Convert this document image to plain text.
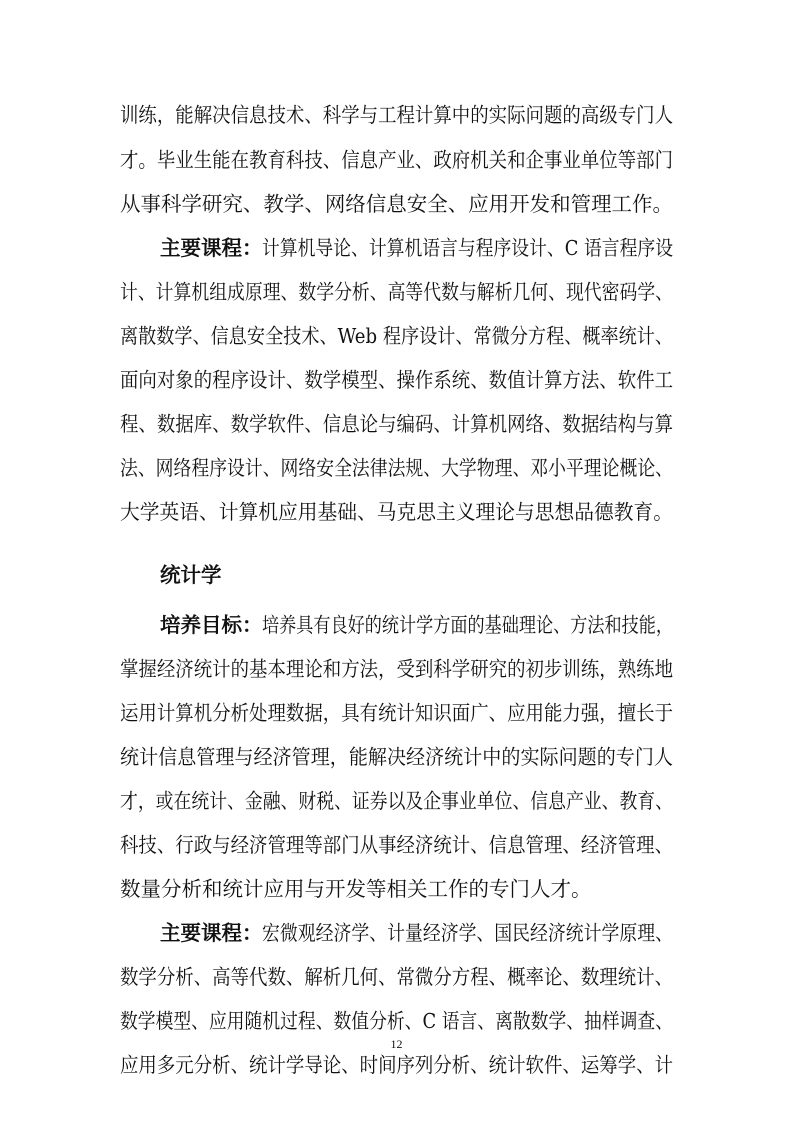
训练，能解决信息技术、科学与工程计算中的实际问题的高级专门人
才。毕业生能在教育科技、信息产业、政府机关和企事业单位等部门
从事科学研究、教学、网络信息安全、应用开发和管理工作。
主要课程： 计算机导论、计算机语言与程序设计、C 语言程序设
计、计算机组成原理、数学分析、高等代数与解析几何、现代密码学、
离散数学、信息安全技术、Web 程序设计、常微分方程、概率统计、
面向对象的程序设计、数学模型、操作系统、数值计算方法、软件工
程、数据库、数学软件、信息论与编码、计算机网络、数据结构与算
法、网络程序设计、网络安全法律法规、大学物理、邓小平理论概论、
大学英语、计算机应用基础、马克思主义理论与思想品德教育。
统计学
培养目标： 培养具有良好的统计学方面的基础理论、方法和技能，
掌握经济统计的基本理论和方法，受到科学研究的初步训练，熟练地
运用计算机分析处理数据，具有统计知识面广、应用能力强，擅长于
统计信息管理与经济管理，能解决经济统计中的实际问题的专门人
才，或在统计、金融、财税、证券以及企事业单位、信息产业、教育、
科技、行政与经济管理等部门从事经济统计、信息管理、经济管理、
数量分析和统计应用与开发等相关工作的专门人才。
主要课程： 宏微观经济学、计量经济学、国民经济统计学原理、
数学分析、高等代数、解析几何、常微分方程、概率论、数理统计、
数学模型、应用随机过程、数值分析、C 语言、离散数学、抽样调查、
应用多元分析、统计学导论、时间序列分析、统计软件、运筹学、计
12
